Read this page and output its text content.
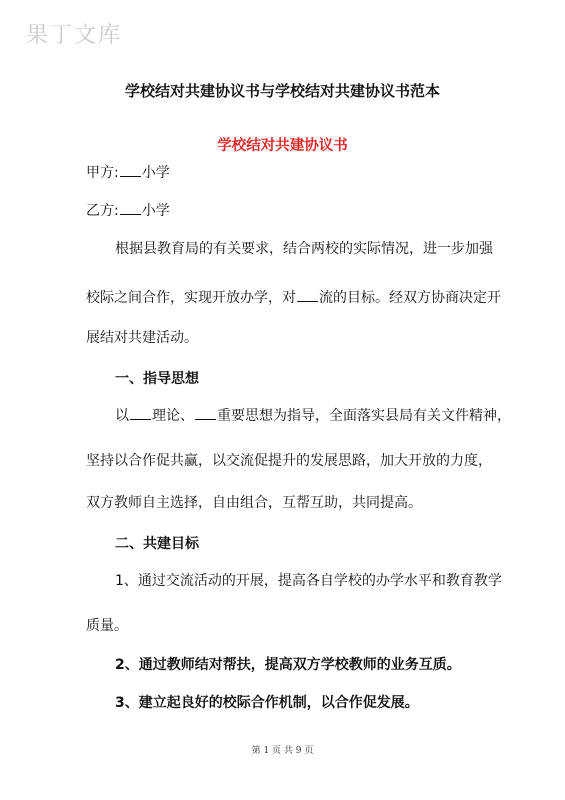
果丁文库
学校结对共建协议书与学校结对共建协议书范本
学校结对共建协议书
甲方: 小学
乙方: 小学
根据县教育局的有关要求，结合两校的实际情况，进一步加强
校际之间合作，实现开放办学，对 流的目标。经双方协商决定开
展结对共建活动。
一、指导思想
以 理论、 重要思想为指导，全面落实县局有关文件精神，
坚持以合作促共赢，以交流促提升的发展思路，加大开放的力度，
双方教师自主选择，自由组合，互帮互助，共同提高。
二、共建目标
1、通过交流活动的开展，提高各自学校的办学水平和教育教学
质量。
2、通过教师结对帮扶，提高双方学校教师的业务互质。
3、建立起良好的校际合作机制，以合作促发展。
第 1 页 共 9 页
